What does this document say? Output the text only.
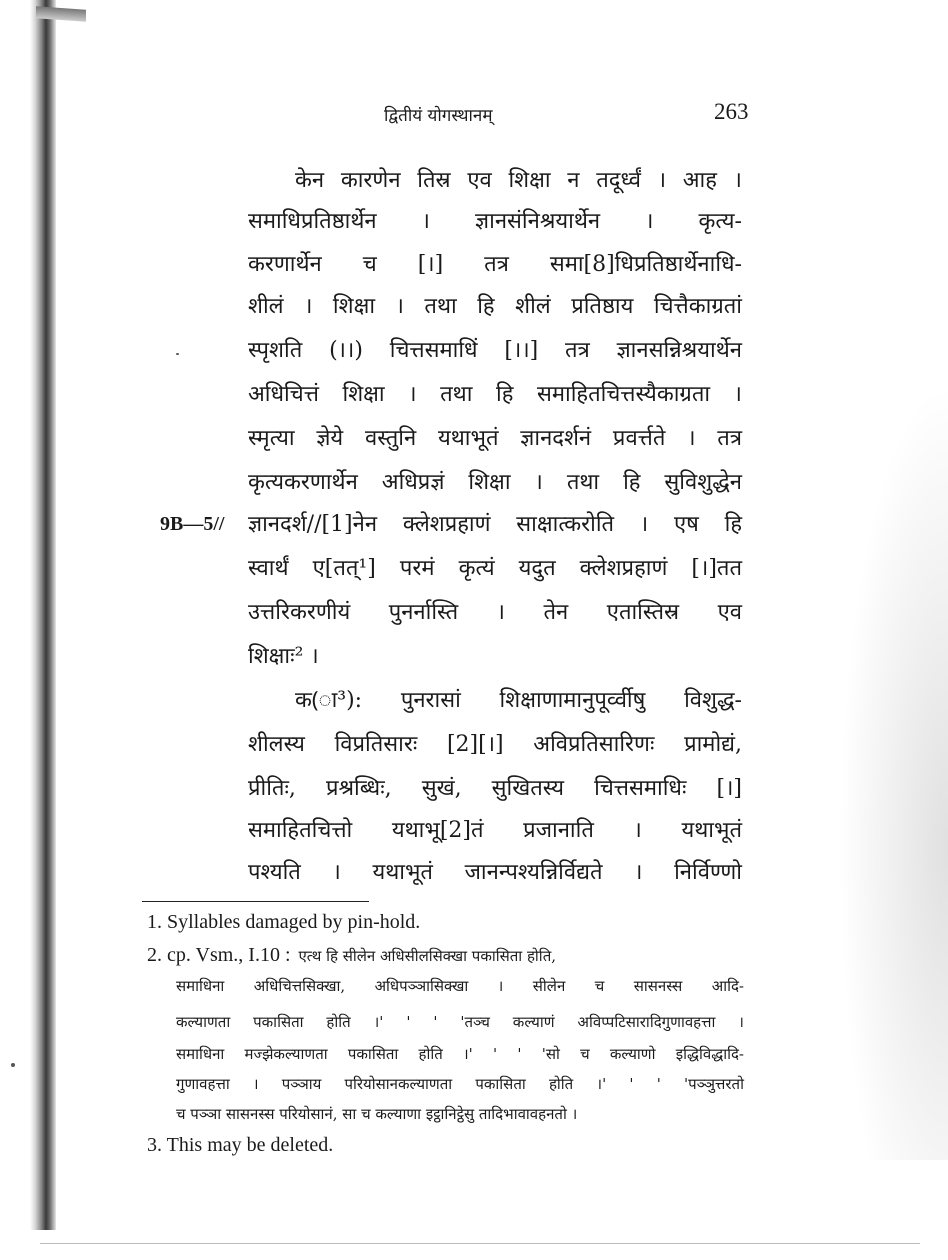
द्वितीयं योगस्थानम्	263
9B—5//
केन कारणेन तिस्र एव शिक्षा न तदूर्ध्वं । आह ।
समाधिप्रतिष्ठार्थेन । ज्ञानसंनिश्रयार्थेन । कृत्य-
करणार्थेन च [।] तत्र समा[8]धिप्रतिष्ठार्थेनाधि-
शीलं । शिक्षा । तथा हि शीलं प्रतिष्ठाय चित्तैकाग्रतां
स्पृशति (।।) चित्तसमाधिं [।।] तत्र ज्ञानसन्निश्रयार्थेन
अधिचित्तं शिक्षा । तथा हि समाहितचित्तस्यैकाग्रता ।
स्मृत्या ज्ञेये वस्तुनि यथाभूतं ज्ञानदर्शनं प्रवर्त्तते । तत्र
कृत्यकरणार्थेन अधिप्रज्ञं शिक्षा । तथा हि सुविशुद्धेन
ज्ञानदर्श//[1]नेन क्लेशप्रहाणं साक्षात्करोति । एष हि
स्वार्थं ए[तत्¹] परमं कृत्यं यदुत क्लेशप्रहाणं [।]तत
उत्तरिकरणीयं पुनर्नास्ति । तेन एतास्तिस्र एव
शिक्षाः² ।
क(ा³): पुनरासां शिक्षाणामानुपूर्व्वीषु विशुद्ध-
शीलस्य विप्रतिसारः [2][।] अविप्रतिसारिणः प्रामोद्यं,
प्रीतिः, प्रश्रब्धिः, सुखं, सुखितस्य चित्तसमाधिः [।]
समाहितचित्तो यथाभू[2]तं प्रजानाति । यथाभूतं
पश्यति । यथाभूतं जानन्पश्यन्निर्विद्यते । निर्विण्णो
1. Syllables damaged by pin-hold.
2. cp. Vsm., I.10 : एत्थ हि सीलेन अधिसीलसिक्खा पकासिता होति,
समाधिना अधिचित्तसिक्खा, अधिपञ्ञासिक्खा । सीलेन च सासनस्स आदि-
कल्याणता पकासिता होति ।' ' ' 'तञ्च कल्याणं अविप्पटिसारादिगुणावहत्ता ।
समाधिना मज्झेकल्याणता पकासिता होति ।' ' ' 'सो च कल्याणो इद्धिविद्धादि-
गुणावहत्ता । पञ्ञाय परियोसानकल्याणता पकासिता होति ।' ' ' 'पञ्ञुत्तरतो
च पञ्ञा सासनस्स परियोसानं, सा च कल्याणा इट्ठानिट्ठेसु तादिभावावहनतो ।
3. This may be deleted.
